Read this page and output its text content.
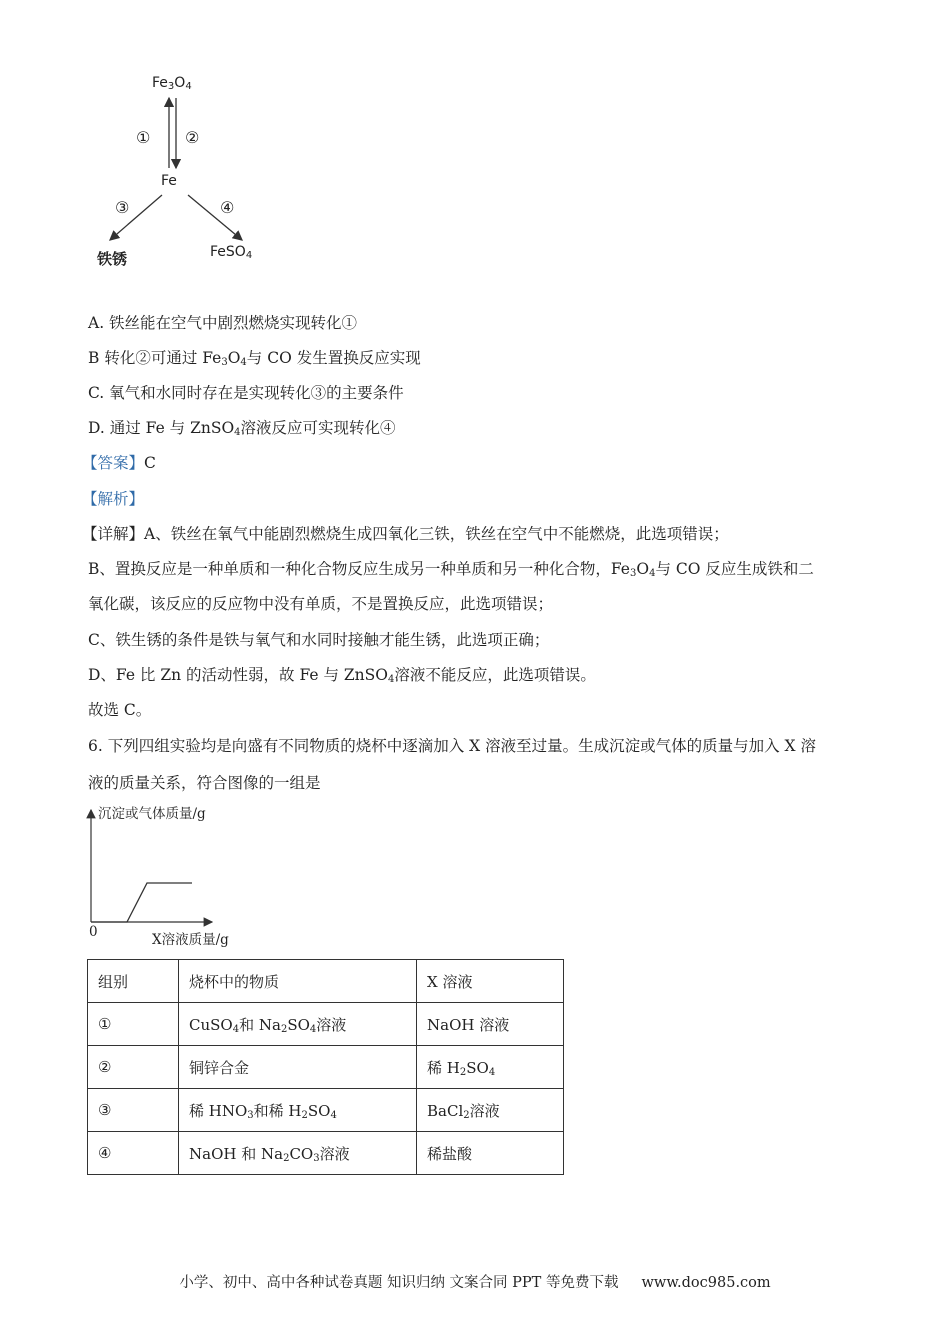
$Fe_3O_4$
① ②
Fe
③	④
铁锈	FeSO$_4$
A. 铁丝能在空气中剧烈燃烧实现转化①
B 转化②可通过 $Fe_3O_4$与 CO 发生置换反应实现
C. 氧气和水同时存在是实现转化③的主要条件
D. 通过 Fe 与 ZnSO$_4$溶液反应可实现转化④
【答案】C
【解析】
【详解】A、铁丝在氧气中能剧烈燃烧生成四氧化三铁，铁丝在空气中不能燃烧，此选项错误；
B、置换反应是一种单质和一种化合物反应生成另一种单质和另一种化合物，$Fe_3O_4$与 CO 反应生成铁和二
氧化碳，该反应的反应物中没有单质，不是置换反应，此选项错误；
C、铁生锈的条件是铁与氧气和水同时接触才能生锈，此选项正确；
D、Fe 比 Zn 的活动性弱，故 Fe 与 ZnSO$_4$溶液不能反应，此选项错误。
故选 C。
6. 下列四组实验均是向盛有不同物质的烧杯中逐滴加入 X 溶液至过量。生成沉淀或气体的质量与加入 X 溶
液的质量关系，符合图像的一组是
沉淀或气体质量/g
0	X溶液质量/g
组别	烧杯中的物质	X 溶液
①	CuSO$_4$和 $Na_2SO_4$溶液	NaOH 溶液
②	铜锌合金	稀 $H_2SO_4$
③	稀 $HNO_3$和稀 $H_2SO_4$	BaCl$_2$溶液
④	NaOH 和 $Na_2CO_3$溶液	稀盐酸
小学、初中、高中各种试卷真题 知识归纳 文案合同 PPT 等免费下载 www.doc985.com
